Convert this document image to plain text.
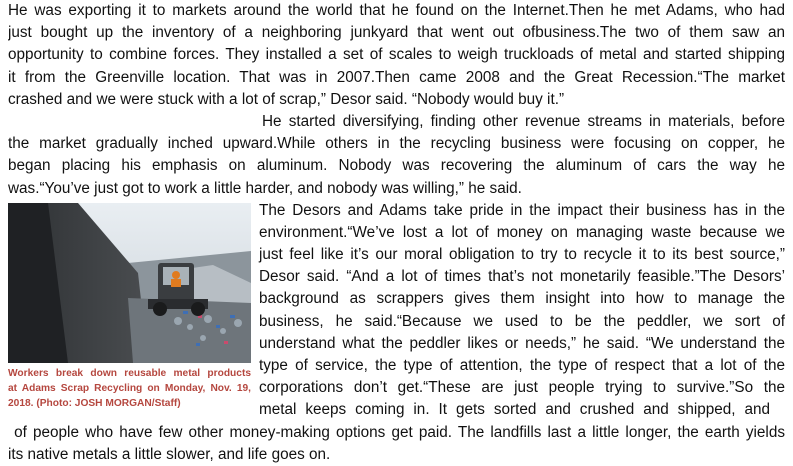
He was exporting it to markets around the world that he found on the Internet.Then he met Adams, who had
just bought up the inventory of a neighboring junkyard that went out ofbusiness.The two of them saw an
opportunity to combine forces. They installed a set of scales to weigh truckloads of metal and started shipping
it from the Greenville location. That was in 2007.Then came 2008 and the Great Recession.“The market
crashed and we were stuck with a lot of scrap,” Desor said. “Nobody would buy it.”
He started diversifying, finding other revenue streams in materials, before
the market gradually inched upward.While others in the recycling business were focusing on copper, he
began placing his emphasis on aluminum. Nobody was recovering the aluminum of cars the way he
was.“You’ve just got to work a little harder, and nobody was willing,” he said.
The Desors and Adams take pride in the impact their business has in the
environment.“We’ve lost a lot of money on managing waste because we
just feel like it’s our moral obligation to try to recycle it to its best source,”
Desor said. “And a lot of times that’s not monetarily feasible.”The Desors’
background as scrappers gives them insight into how to manage the
business, he said.“Because we used to be the peddler, we sort of
understand what the peddler likes or needs,” he said. “We understand the
type of service, the type of attention, the type of respect that a lot of the
corporations don’t get.“These are just people trying to survive.”So the
metal keeps coming in. It gets sorted and crushed and shipped, and
of people who have few other money-making options get paid. The landfills last a little longer, the earth yields
its native metals a little slower, and life goes on.
Workers break down reusable metal products
at Adams Scrap Recycling on Monday, Nov. 19,
2018. (Photo: JOSH MORGAN/Staff)
